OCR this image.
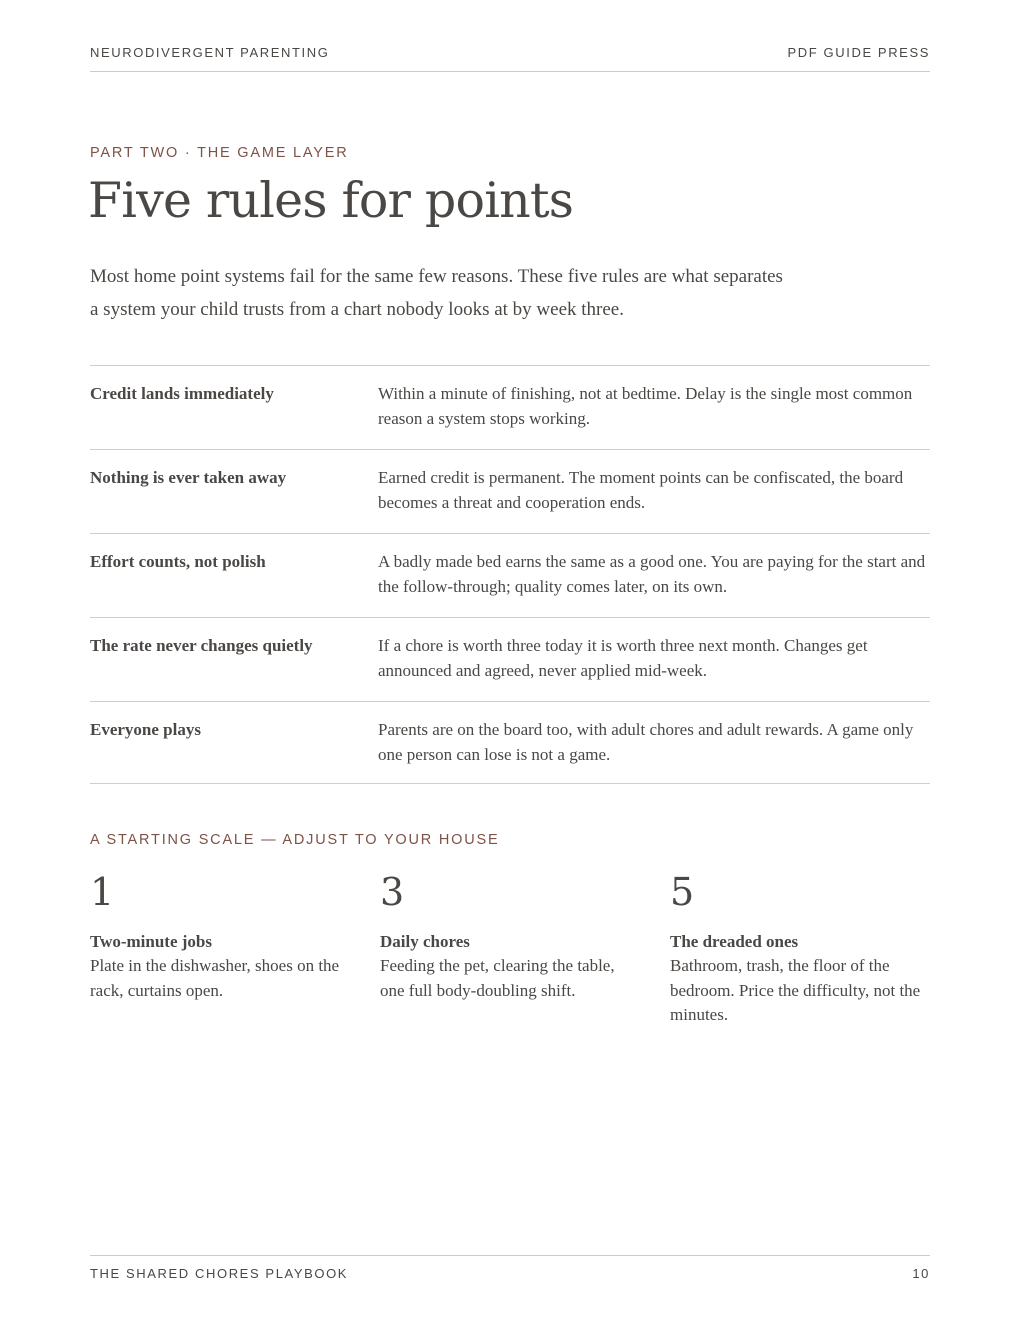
NEURODIVERGENT PARENTING	PDF GUIDE PRESS
PART TWO · THE GAME LAYER
Five rules for points

Most home point systems fail for the same few reasons. These five rules are what separates a system your child trusts from a chart nobody looks at by week three.

Credit lands immediately	Within a minute of finishing, not at bedtime. Delay is the single most common reason a system stops working.
Nothing is ever taken away	Earned credit is permanent. The moment points can be confiscated, the board becomes a threat and cooperation ends.
Effort counts, not polish	A badly made bed earns the same as a good one. You are paying for the start and the follow-through; quality comes later, on its own.
The rate never changes quietly	If a chore is worth three today it is worth three next month. Changes get announced and agreed, never applied mid-week.
Everyone plays	Parents are on the board too, with adult chores and adult rewards. A game only one person can lose is not a game.
A STARTING SCALE — ADJUST TO YOUR HOUSE
1
Two-minute jobs
Plate in the dishwasher, shoes on the rack, curtains open.
3
Daily chores
Feeding the pet, clearing the table, one full body-doubling shift.
5
The dreaded ones
Bathroom, trash, the floor of the bedroom. Price the difficulty, not the minutes.
THE SHARED CHORES PLAYBOOK	10
